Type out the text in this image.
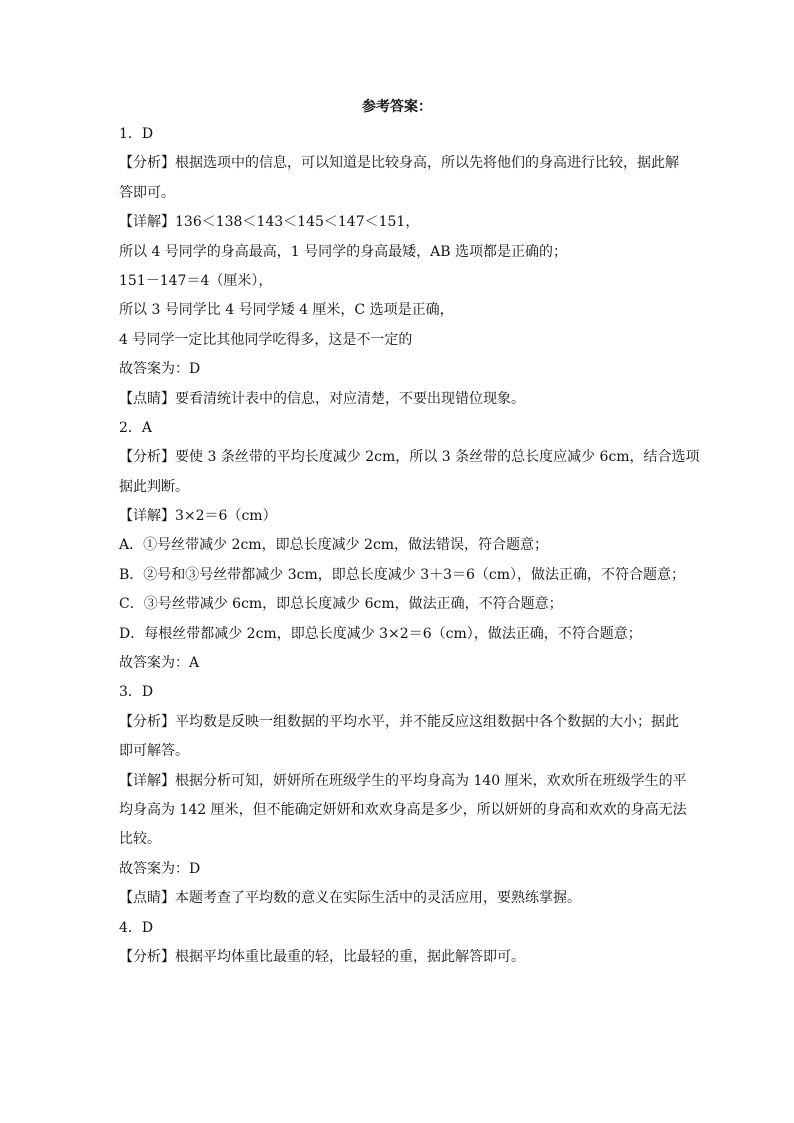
参考答案：
1．D
【分析】根据选项中的信息，可以知道是比较身高，所以先将他们的身高进行比较，据此解
答即可。
【详解】136＜138＜143＜145＜147＜151，
所以 4 号同学的身高最高，1 号同学的身高最矮，AB 选项都是正确的；
151－147＝4（厘米），
所以 3 号同学比 4 号同学矮 4 厘米，C 选项是正确，
4 号同学一定比其他同学吃得多，这是不一定的
故答案为：D
【点睛】要看清统计表中的信息，对应清楚，不要出现错位现象。
2．A
【分析】要使 3 条丝带的平均长度减少 2cm，所以 3 条丝带的总长度应减少 6cm，结合选项
据此判断。
【详解】3×2＝6（cm）
A．①号丝带减少 2cm，即总长度减少 2cm，做法错误，符合题意；
B．②号和③号丝带都减少 3cm，即总长度减少 3＋3＝6（cm），做法正确，不符合题意；
C．③号丝带减少 6cm，即总长度减少 6cm，做法正确，不符合题意；
D．每根丝带都减少 2cm，即总长度减少 3×2＝6（cm），做法正确，不符合题意；
故答案为：A
3．D
【分析】平均数是反映一组数据的平均水平，并不能反应这组数据中各个数据的大小；据此
即可解答。
【详解】根据分析可知，妍妍所在班级学生的平均身高为 140 厘米，欢欢所在班级学生的平
均身高为 142 厘米，但不能确定妍妍和欢欢身高是多少，所以妍妍的身高和欢欢的身高无法
比较。
故答案为：D
【点睛】本题考查了平均数的意义在实际生活中的灵活应用，要熟练掌握。
4．D
【分析】根据平均体重比最重的轻，比最轻的重，据此解答即可。
